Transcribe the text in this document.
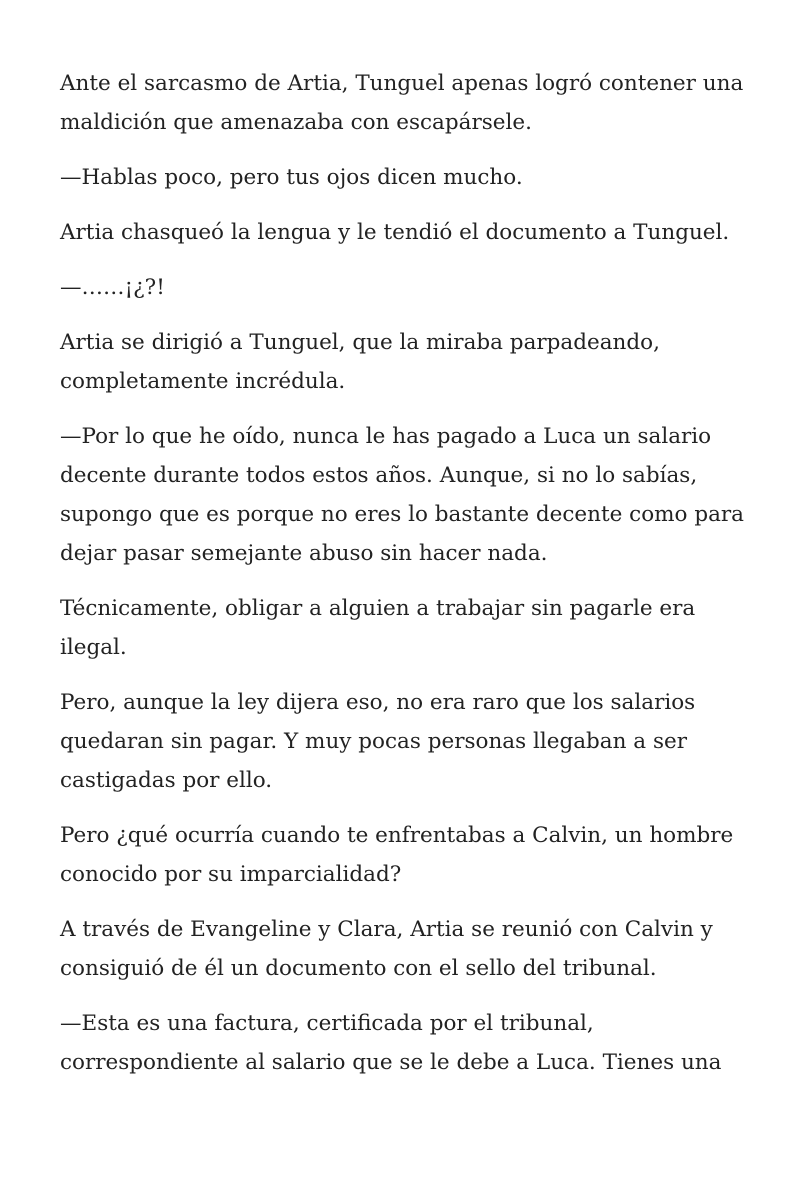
Ante el sarcasmo de Artia, Tunguel apenas logró contener una maldición que amenazaba con escapársele.

—Hablas poco, pero tus ojos dicen mucho.

Artia chasqueó la lengua y le tendió el documento a Tunguel.

—……¡¿?!

Artia se dirigió a Tunguel, que la miraba parpadeando, completamente incrédula.

—Por lo que he oído, nunca le has pagado a Luca un salario decente durante todos estos años. Aunque, si no lo sabías, supongo que es porque no eres lo bastante decente como para dejar pasar semejante abuso sin hacer nada.

Técnicamente, obligar a alguien a trabajar sin pagarle era ilegal.

Pero, aunque la ley dijera eso, no era raro que los salarios quedaran sin pagar. Y muy pocas personas llegaban a ser castigadas por ello.

Pero ¿qué ocurría cuando te enfrentabas a Calvin, un hombre conocido por su imparcialidad?

A través de Evangeline y Clara, Artia se reunió con Calvin y consiguió de él un documento con el sello del tribunal.

—Esta es una factura, certificada por el tribunal, correspondiente al salario que se le debe a Luca. Tienes una
